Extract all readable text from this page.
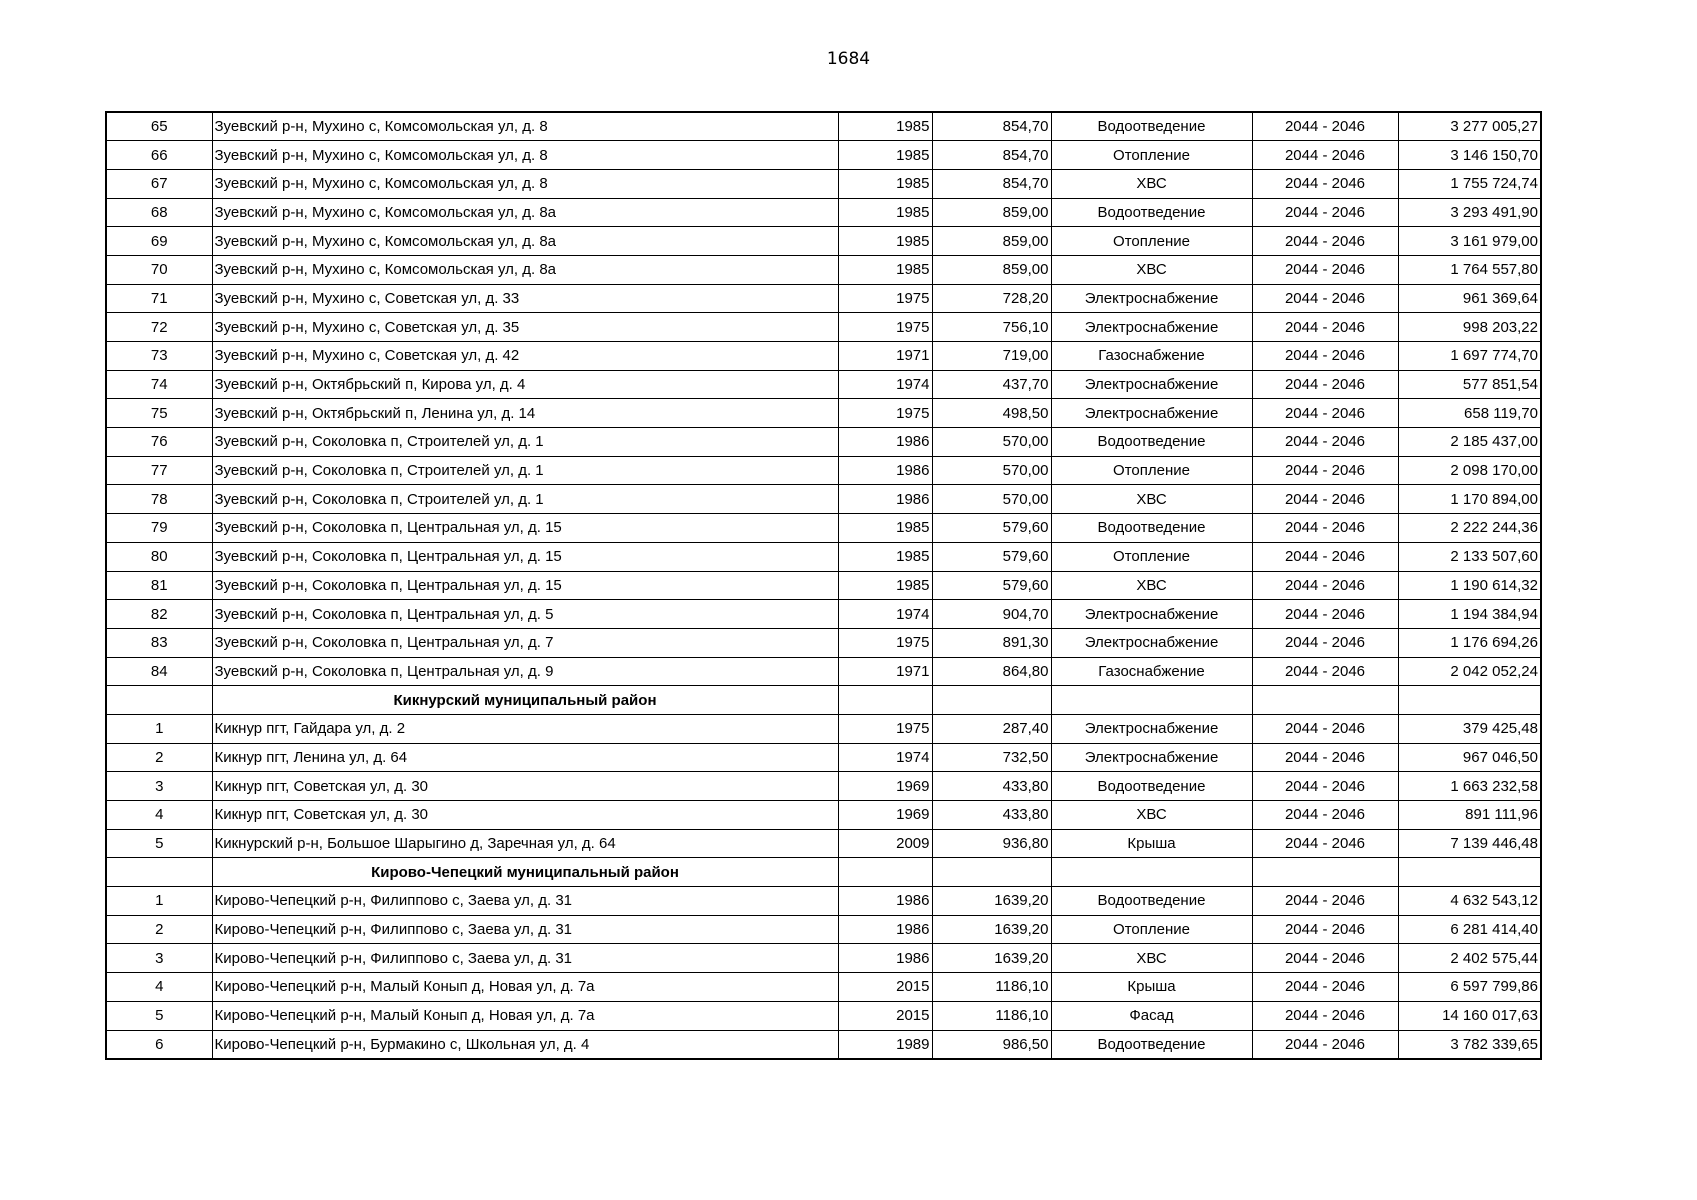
1684
65	Зуевский р-н, Мухино с, Комсомольская ул, д. 8	1985	854,70	Водоотведение	2044 - 2046	3 277 005,27
66	Зуевский р-н, Мухино с, Комсомольская ул, д. 8	1985	854,70	Отопление	2044 - 2046	3 146 150,70
67	Зуевский р-н, Мухино с, Комсомольская ул, д. 8	1985	854,70	ХВС	2044 - 2046	1 755 724,74
68	Зуевский р-н, Мухино с, Комсомольская ул, д. 8а	1985	859,00	Водоотведение	2044 - 2046	3 293 491,90
69	Зуевский р-н, Мухино с, Комсомольская ул, д. 8а	1985	859,00	Отопление	2044 - 2046	3 161 979,00
70	Зуевский р-н, Мухино с, Комсомольская ул, д. 8а	1985	859,00	ХВС	2044 - 2046	1 764 557,80
71	Зуевский р-н, Мухино с, Советская ул, д. 33	1975	728,20	Электроснабжение	2044 - 2046	961 369,64
72	Зуевский р-н, Мухино с, Советская ул, д. 35	1975	756,10	Электроснабжение	2044 - 2046	998 203,22
73	Зуевский р-н, Мухино с, Советская ул, д. 42	1971	719,00	Газоснабжение	2044 - 2046	1 697 774,70
74	Зуевский р-н, Октябрьский п, Кирова ул, д. 4	1974	437,70	Электроснабжение	2044 - 2046	577 851,54
75	Зуевский р-н, Октябрьский п, Ленина ул, д. 14	1975	498,50	Электроснабжение	2044 - 2046	658 119,70
76	Зуевский р-н, Соколовка п, Строителей ул, д. 1	1986	570,00	Водоотведение	2044 - 2046	2 185 437,00
77	Зуевский р-н, Соколовка п, Строителей ул, д. 1	1986	570,00	Отопление	2044 - 2046	2 098 170,00
78	Зуевский р-н, Соколовка п, Строителей ул, д. 1	1986	570,00	ХВС	2044 - 2046	1 170 894,00
79	Зуевский р-н, Соколовка п, Центральная ул, д. 15	1985	579,60	Водоотведение	2044 - 2046	2 222 244,36
80	Зуевский р-н, Соколовка п, Центральная ул, д. 15	1985	579,60	Отопление	2044 - 2046	2 133 507,60
81	Зуевский р-н, Соколовка п, Центральная ул, д. 15	1985	579,60	ХВС	2044 - 2046	1 190 614,32
82	Зуевский р-н, Соколовка п, Центральная ул, д. 5	1974	904,70	Электроснабжение	2044 - 2046	1 194 384,94
83	Зуевский р-н, Соколовка п, Центральная ул, д. 7	1975	891,30	Электроснабжение	2044 - 2046	1 176 694,26
84	Зуевский р-н, Соколовка п, Центральная ул, д. 9	1971	864,80	Газоснабжение	2044 - 2046	2 042 052,24
	Кикнурский муниципальный район					
1	Кикнур пгт, Гайдара ул, д. 2	1975	287,40	Электроснабжение	2044 - 2046	379 425,48
2	Кикнур пгт, Ленина ул, д. 64	1974	732,50	Электроснабжение	2044 - 2046	967 046,50
3	Кикнур пгт, Советская ул, д. 30	1969	433,80	Водоотведение	2044 - 2046	1 663 232,58
4	Кикнур пгт, Советская ул, д. 30	1969	433,80	ХВС	2044 - 2046	891 111,96
5	Кикнурский р-н, Большое Шарыгино д, Заречная ул, д. 64	2009	936,80	Крыша	2044 - 2046	7 139 446,48
	Кирово-Чепецкий муниципальный район					
1	Кирово-Чепецкий р-н, Филиппово с, Заева ул, д. 31	1986	1639,20	Водоотведение	2044 - 2046	4 632 543,12
2	Кирово-Чепецкий р-н, Филиппово с, Заева ул, д. 31	1986	1639,20	Отопление	2044 - 2046	6 281 414,40
3	Кирово-Чепецкий р-н, Филиппово с, Заева ул, д. 31	1986	1639,20	ХВС	2044 - 2046	2 402 575,44
4	Кирово-Чепецкий р-н, Малый Конып д, Новая ул, д. 7а	2015	1186,10	Крыша	2044 - 2046	6 597 799,86
5	Кирово-Чепецкий р-н, Малый Конып д, Новая ул, д. 7а	2015	1186,10	Фасад	2044 - 2046	14 160 017,63
6	Кирово-Чепецкий р-н, Бурмакино с, Школьная ул, д. 4	1989	986,50	Водоотведение	2044 - 2046	3 782 339,65
